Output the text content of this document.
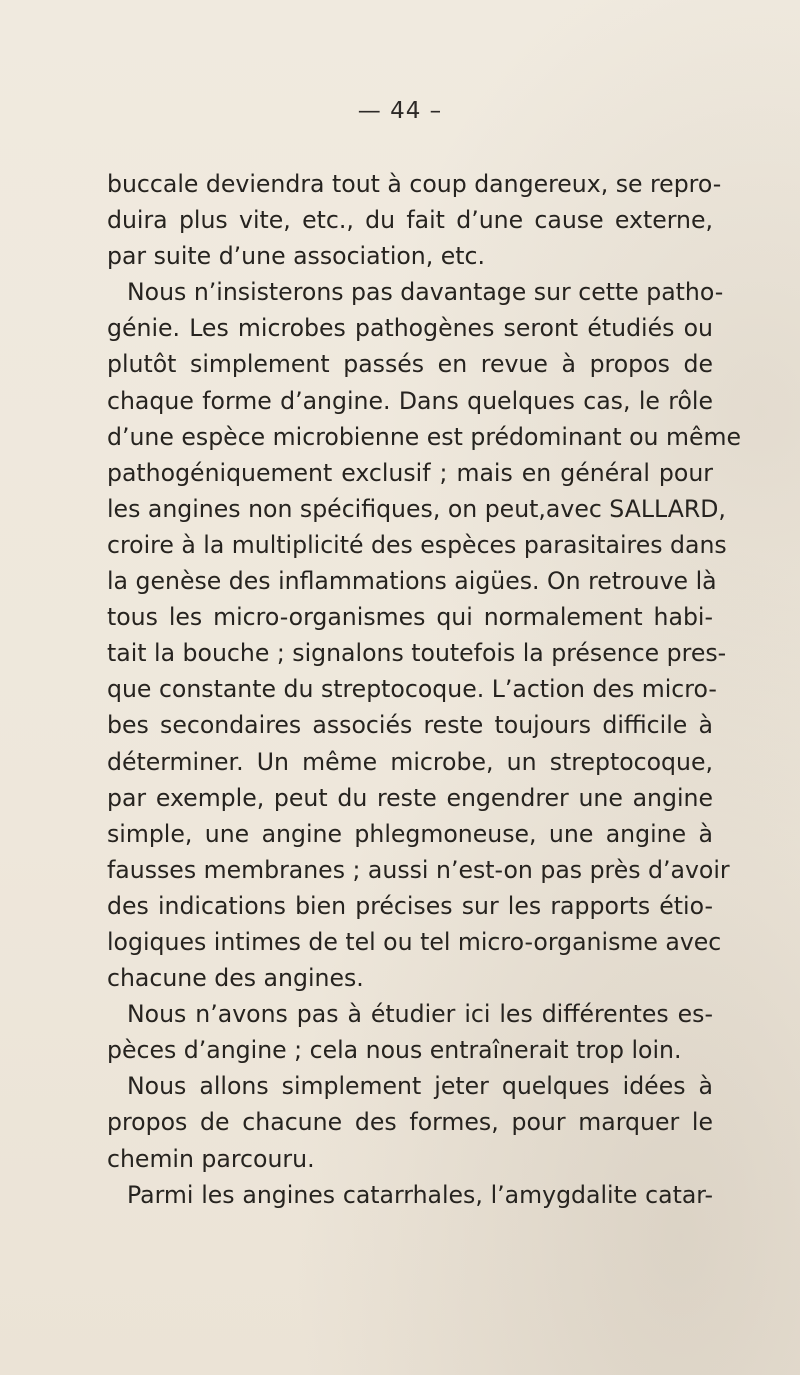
— 44 –
buccale deviendra tout à coup dangereux, se repro-
duira plus vite, etc., du fait d’une cause externe,
par suite d’une association, etc.
Nous n’insisterons pas davantage sur cette patho-
génie. Les microbes pathogènes seront étudiés ou
plutôt simplement passés en revue à propos de
chaque forme d’angine. Dans quelques cas, le rôle
d’une espèce microbienne est prédominant ou même
pathogéniquement exclusif ; mais en général pour
les angines non spécifiques, on peut,avec SALLARD,
croire à la multiplicité des espèces parasitaires dans
la genèse des inflammations aigües. On retrouve là
tous les micro-organismes qui normalement habi-
tait la bouche ; signalons toutefois la présence pres-
que constante du streptocoque. L’action des micro-
bes secondaires associés reste toujours difficile à
déterminer. Un même microbe, un streptocoque,
par exemple, peut du reste engendrer une angine
simple, une angine phlegmoneuse, une angine à
fausses membranes ; aussi n’est-on pas près d’avoir
des indications bien précises sur les rapports étio-
logiques intimes de tel ou tel micro-organisme avec
chacune des angines.
Nous n’avons pas à étudier ici les différentes es-
pèces d’angine ; cela nous entraînerait trop loin.
Nous allons simplement jeter quelques idées à
propos de chacune des formes, pour marquer le
chemin parcouru.
Parmi les angines catarrhales, l’amygdalite catar-
